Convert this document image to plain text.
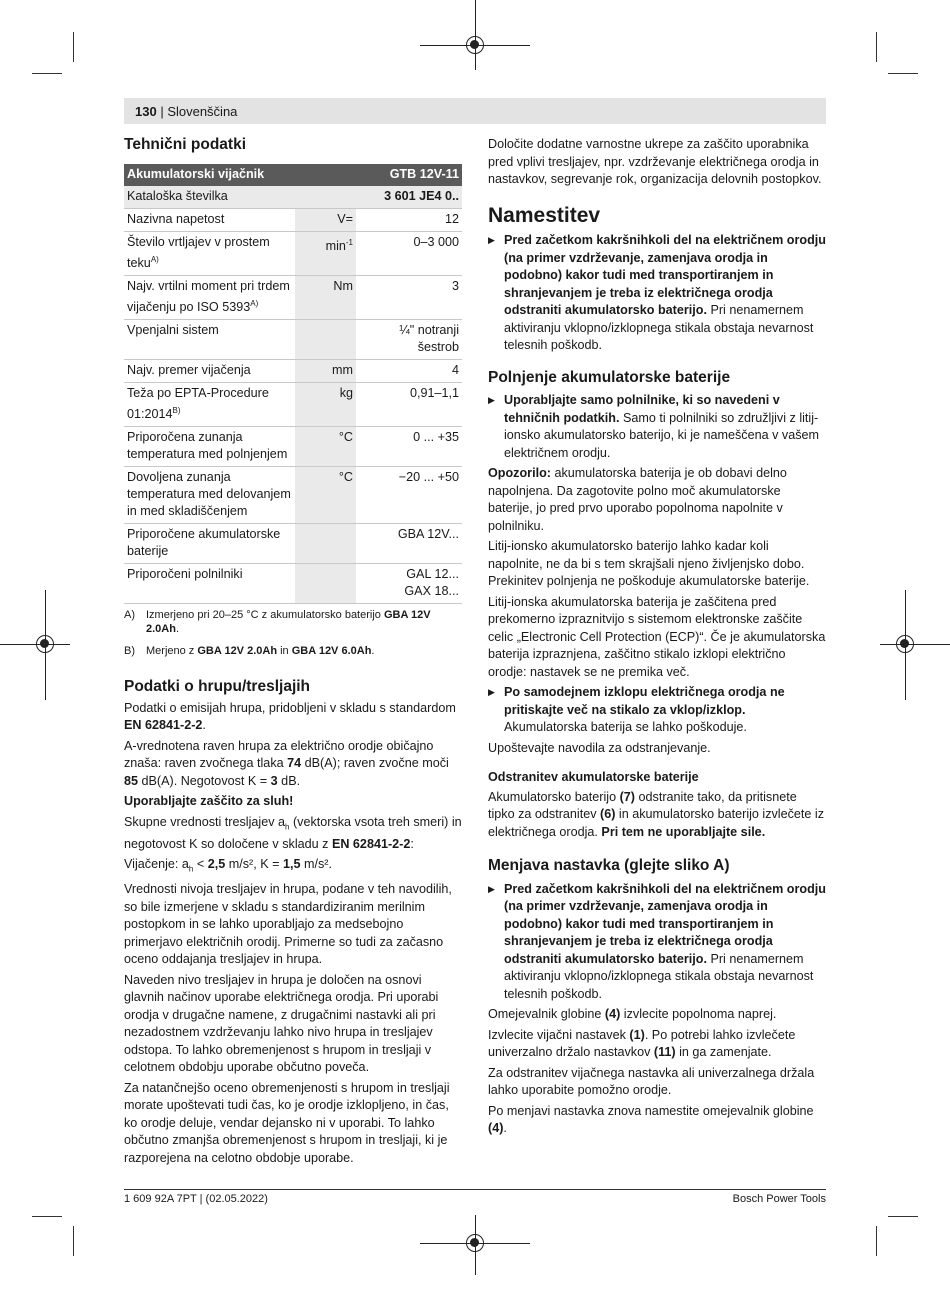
130 | Slovenščina
Tehnični podatki
Akumulatorski vijačnik		GTB 12V-11
Kataloška številka		3 601 JE4 0..
Nazivna napetost	V=	12
Število vrtljajev v prostem teku$^{A)}$	$\min^{-1}$	0–3 000
Najv. vrtilni moment pri trdem vijačenju po ISO $5393^{A)}$	Nm	3
Vpenjalni sistem		¼" notranji šestrob
Najv. premer vijačenja	mm	4
Teža po EPTA-Procedure $01:2014^{B)}$	kg	0,91–1,1
Priporočena zunanja temperatura med polnjenjem	°C	0 ... +35
Dovoljena zunanja temperatura med delovanjem in med skladiščenjem	°C	−20 ... +50
Priporočene akumulatorske baterije		GBA 12V...
Priporočeni polnilniki		GAL 12...
GAX 18...
A)	Izmerjeno pri 20–25 °C z akumulatorsko baterijo GBA 12V 2.0Ah.
B)	Merjeno z GBA 12V 2.0Ah in GBA 12V 6.0Ah.
Podatki o hrupu/tresljajih

Podatki o emisijah hrupa, pridobljeni v skladu s standardom EN 62841-2-2.

A-vrednotena raven hrupa za električno orodje običajno znaša: raven zvočnega tlaka 74 dB(A); raven zvočne moči 85 dB(A). Negotovost K = 3 dB.

Uporabljajte zaščito za sluh!

Skupne vrednosti tresljajev $a_h$ (vektorska vsota treh smeri) in negotovost K so določene v skladu z EN 62841-2-2:

Vijačenje: $a_h < 2,5$ m/s², K = 1,5 m/s².

Vrednosti nivoja tresljajev in hrupa, podane v teh navodilih, so bile izmerjene v skladu s standardiziranim merilnim postopkom in se lahko uporabljajo za medsebojno primerjavo električnih orodij. Primerne so tudi za začasno oceno oddajanja tresljajev in hrupa.

Naveden nivo tresljajev in hrupa je določen na osnovi glavnih načinov uporabe električnega orodja. Pri uporabi orodja v drugačne namene, z drugačnimi nastavki ali pri nezadostnem vzdrževanju lahko nivo hrupa in tresljajev odstopa. To lahko obremenjenost s hrupom in tresljaji v celotnem obdobju uporabe občutno poveča.

Za natančnejšo oceno obremenjenosti s hrupom in tresljaji morate upoštevati tudi čas, ko je orodje izklopljeno, in čas, ko orodje deluje, vendar dejansko ni v uporabi. To lahko občutno zmanjša obremenjenost s hrupom in tresljaji, ki je razporejena na celotno obdobje uporabe.

Določite dodatne varnostne ukrepe za zaščito uporabnika pred vplivi tresljajev, npr. vzdrževanje električnega orodja in nastavkov, segrevanje rok, organizacija delovnih postopkov.

Namestitev
▶ Pred začetkom kakršnihkoli del na električnem orodju (na primer vzdrževanje, zamenjava orodja in podobno) kakor tudi med transportiranjem in shranjevanjem je treba iz električnega orodja odstraniti akumulatorsko baterijo. Pri nenamernem aktiviranju vklopno/izklopnega stikala obstaja nevarnost telesnih poškodb.
Polnjenje akumulatorske baterije
▶ Uporabljajte samo polnilnike, ki so navedeni v tehničnih podatkih. Samo ti polnilniki so združljivi z litij-ionsko akumulatorsko baterijo, ki je nameščena v vašem električnem orodju.

Opozorilo: akumulatorska baterija je ob dobavi delno napolnjena. Da zagotovite polno moč akumulatorske baterije, jo pred prvo uporabo popolnoma napolnite v polnilniku.

Litij-ionsko akumulatorsko baterijo lahko kadar koli napolnite, ne da bi s tem skrajšali njeno življenjsko dobo. Prekinitev polnjenja ne poškoduje akumulatorske baterije.

Litij-ionska akumulatorska baterija je zaščitena pred prekomerno izpraznitvijo s sistemom elektronske zaščite celic „Electronic Cell Protection (ECP)“. Če je akumulatorska baterija izpraznjena, zaščitno stikalo izklopi električno orodje: nastavek se ne premika več.

▶ Po samodejnem izklopu električnega orodja ne pritiskajte več na stikalo za vklop/izklop. Akumulatorska baterija se lahko poškoduje.

Upoštevajte navodila za odstranjevanje.

Odstranitev akumulatorske baterije

Akumulatorsko baterijo (7) odstranite tako, da pritisnete tipko za odstranitev (6) in akumulatorsko baterijo izvlečete iz električnega orodja. Pri tem ne uporabljajte sile.

Menjava nastavka (glejte sliko A)
▶ Pred začetkom kakršnihkoli del na električnem orodju (na primer vzdrževanje, zamenjava orodja in podobno) kakor tudi med transportiranjem in shranjevanjem je treba iz električnega orodja odstraniti akumulatorsko baterijo. Pri nenamernem aktiviranju vklopno/izklopnega stikala obstaja nevarnost telesnih poškodb.

Omejevalnik globine (4) izvlecite popolnoma naprej.

Izvlecite vijačni nastavek (1). Po potrebi lahko izvlečete univerzalno držalo nastavkov (11) in ga zamenjate.

Za odstranitev vijačnega nastavka ali univerzalnega držala lahko uporabite pomožno orodje.

Po menjavi nastavka znova namestite omejevalnik globine (4).

1 609 92A 7PT | (02.05.2022)	Bosch Power Tools
